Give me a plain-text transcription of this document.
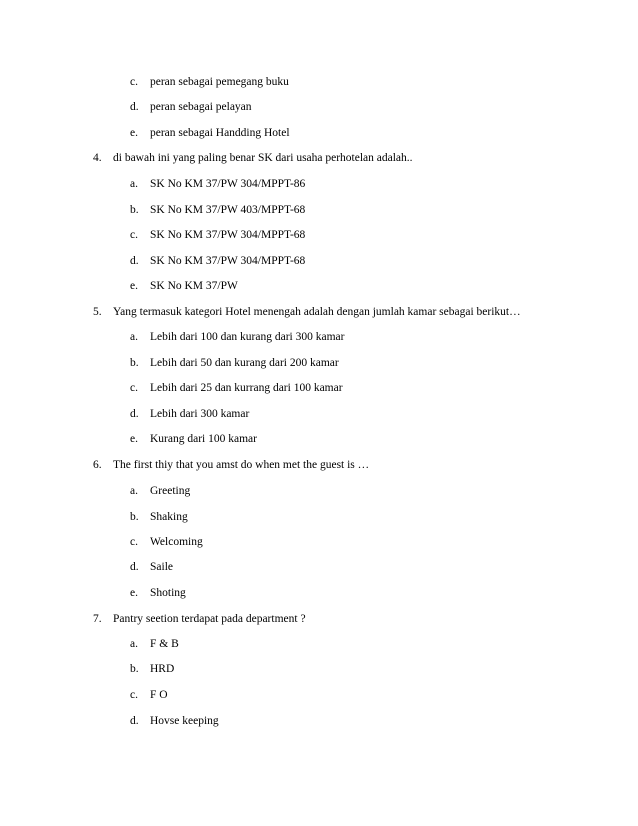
c. peran sebagai pemegang buku
d. peran sebagai pelayan
e. peran sebagai Handding Hotel
4. di bawah ini yang paling benar SK dari usaha perhotelan adalah..
a. SK No KM 37/PW 304/MPPT-86
b. SK No KM 37/PW 403/MPPT-68
c. SK No KM 37/PW 304/MPPT-68
d. SK No KM 37/PW 304/MPPT-68
e. SK No KM 37/PW
5. Yang termasuk kategori Hotel menengah adalah dengan jumlah kamar sebagai berikut…
a. Lebih dari 100 dan kurang dari 300 kamar
b. Lebih dari 50 dan kurang dari 200 kamar
c. Lebih dari 25 dan kurrang dari 100 kamar
d. Lebih dari 300 kamar
e. Kurang dari 100 kamar
6. The first thiy that you amst do when met the guest is …
a. Greeting
b. Shaking
c. Welcoming
d. Saile
e. Shoting
7. Pantry seetion terdapat pada department ?
a. F & B
b. HRD
c. F O
d. Hovse keeping
